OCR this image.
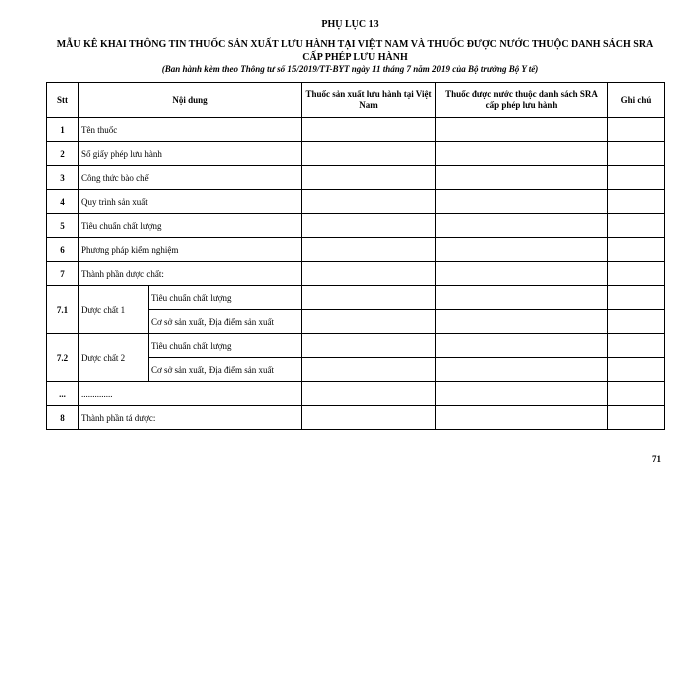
PHỤ LỤC 13
MẪU KÊ KHAI THÔNG TIN THUỐC SẢN XUẤT LƯU HÀNH TẠI VIỆT NAM VÀ THUỐC ĐƯỢC NƯỚC THUỘC DANH SÁCH SRA CẤP PHÉP LƯU HÀNH
(Ban hành kèm theo Thông tư số 15/2019/TT-BYT ngày 11 tháng 7 năm 2019 của Bộ trưởng Bộ Y tế)
Stt	Nội dung		Thuốc sản xuất lưu hành tại Việt Nam	Thuốc được nước thuộc danh sách SRA cấp phép lưu hành	Ghi chú
1	Tên thuốc				
2	Số giấy phép lưu hành				
3	Công thức bào chế				
4	Quy trình sản xuất				
5	Tiêu chuẩn chất lượng				
6	Phương pháp kiểm nghiệm				
7	Thành phần dược chất:				
7.1	Dược chất 1	Tiêu chuẩn chất lượng			
		Cơ sở sản xuất, Địa điểm sản xuất			
7.2	Dược chất 2	Tiêu chuẩn chất lượng			
		Cơ sở sản xuất, Địa điểm sản xuất			
...	..............				
8	Thành phần tá dược:				
71
